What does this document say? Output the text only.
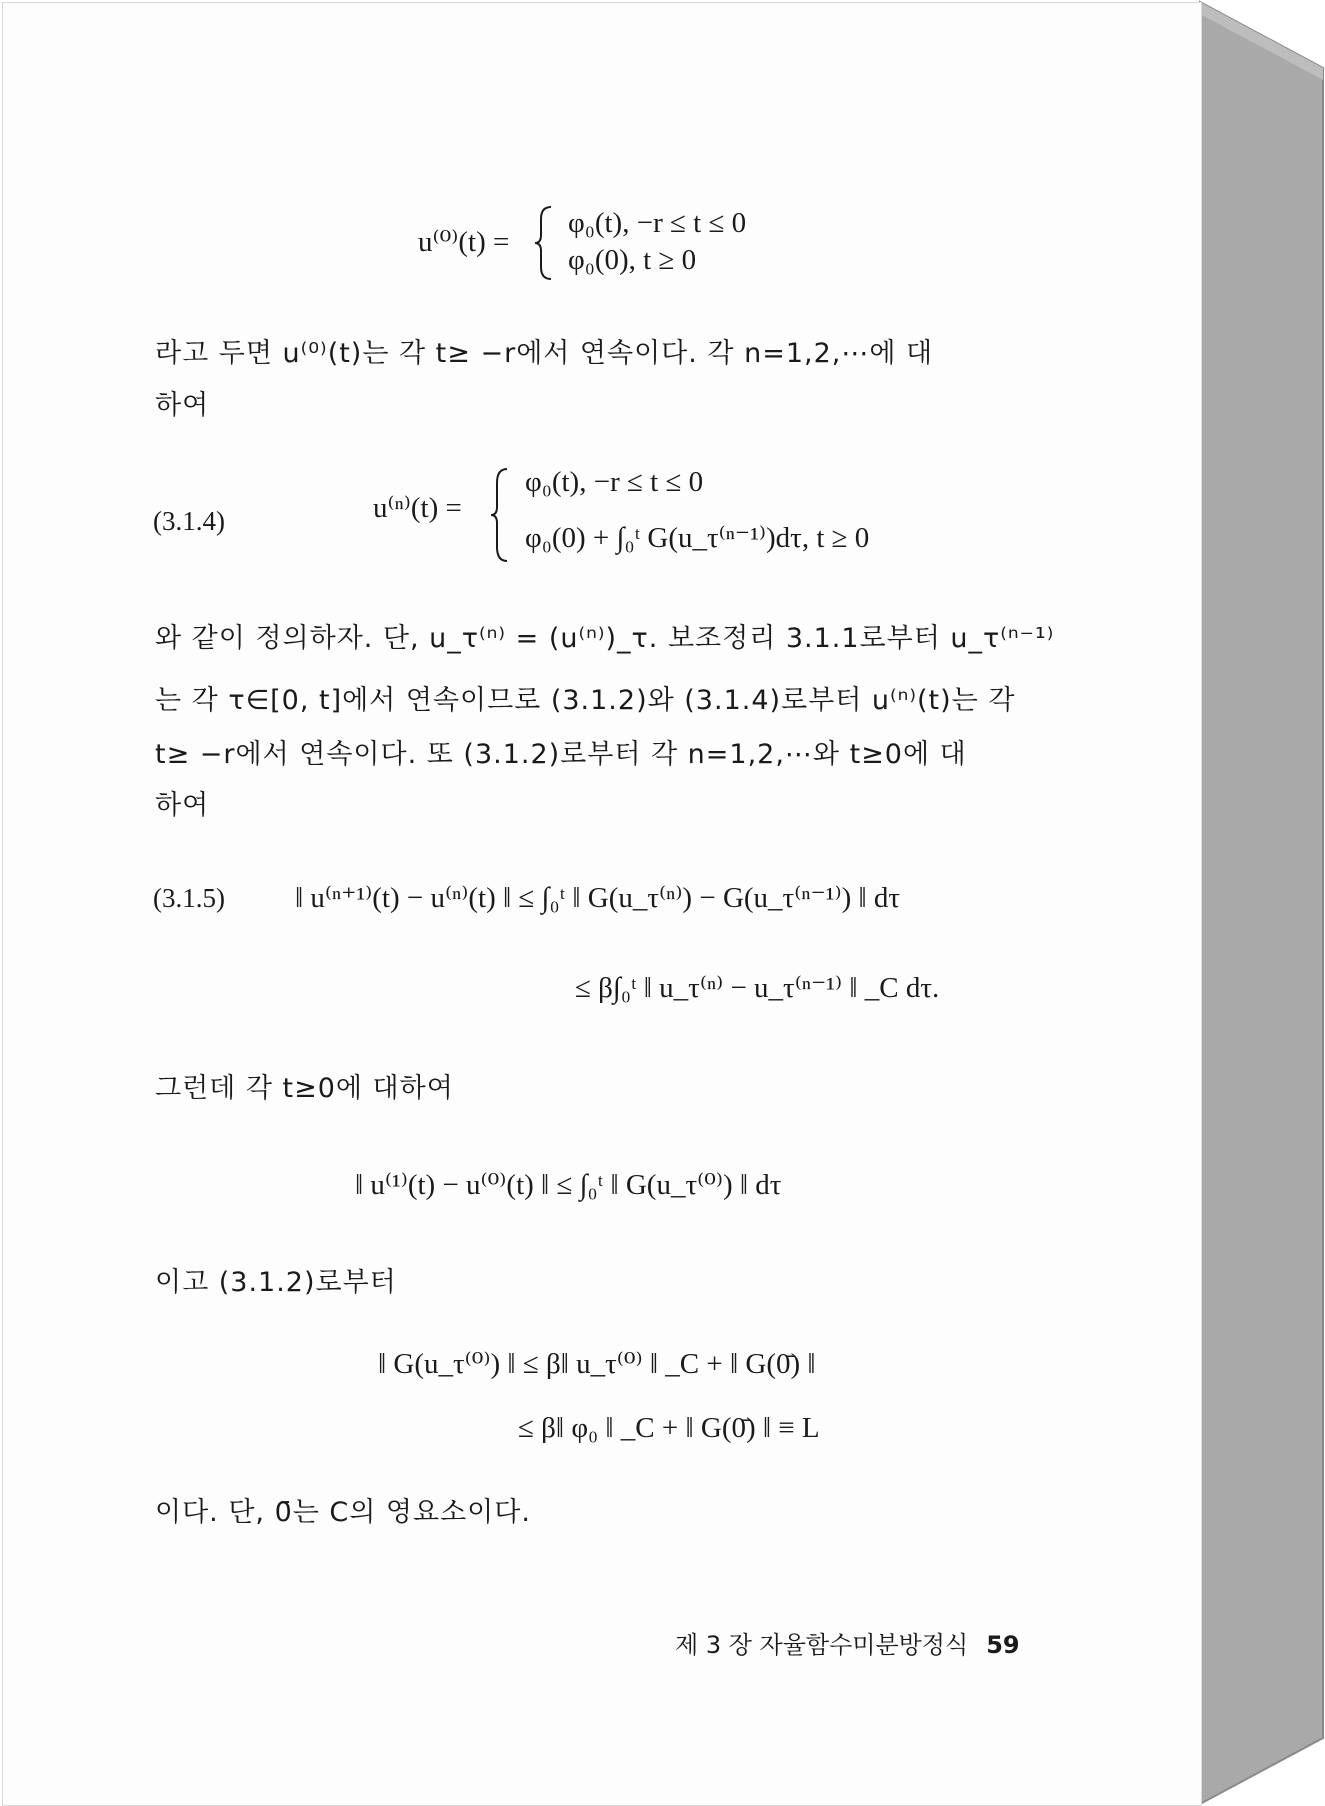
u⁽⁰⁾(t) =
φ₀(t), −r ≤ t ≤ 0
φ₀(0), t ≥ 0
라고 두면 u⁽⁰⁾(t)는 각 t≥ −r에서 연속이다. 각 n=1,2,⋯에 대
하여
(3.1.4)	u⁽ⁿ⁾(t) =
φ₀(t), −r ≤ t ≤ 0
φ₀(0) + ∫₀ᵗ G(u_τ⁽ⁿ⁻¹⁾)dτ, t ≥ 0
와 같이 정의하자. 단, u_τ⁽ⁿ⁾ = (u⁽ⁿ⁾)_τ. 보조정리 3.1.1로부터 u_τ⁽ⁿ⁻¹⁾
는 각 τ∈[0, t]에서 연속이므로 (3.1.2)와 (3.1.4)로부터 u⁽ⁿ⁾(t)는 각
t≥ −r에서 연속이다. 또 (3.1.2)로부터 각 n=1,2,⋯와 t≥0에 대
하여
(3.1.5) ‖ u⁽ⁿ⁺¹⁾(t) − u⁽ⁿ⁾(t) ‖ ≤ ∫₀ᵗ ‖ G(u_τ⁽ⁿ⁾) − G(u_τ⁽ⁿ⁻¹⁾) ‖ dτ
≤ β∫₀ᵗ ‖ u_τ⁽ⁿ⁾ − u_τ⁽ⁿ⁻¹⁾ ‖ _C dτ.
그런데 각 t≥0에 대하여
‖ u⁽¹⁾(t) − u⁽⁰⁾(t) ‖ ≤ ∫₀ᵗ ‖ G(u_τ⁽⁰⁾) ‖ dτ
이고 (3.1.2)로부터
‖ G(u_τ⁽⁰⁾) ‖ ≤ β‖ u_τ⁽⁰⁾ ‖ _C + ‖ G(0̄) ‖
≤ β‖ φ₀ ‖ _C + ‖ G(0̄) ‖ ≡ L
이다. 단, 0̄는 C의 영요소이다.
제 3 장 자율함수미분방정식 59
